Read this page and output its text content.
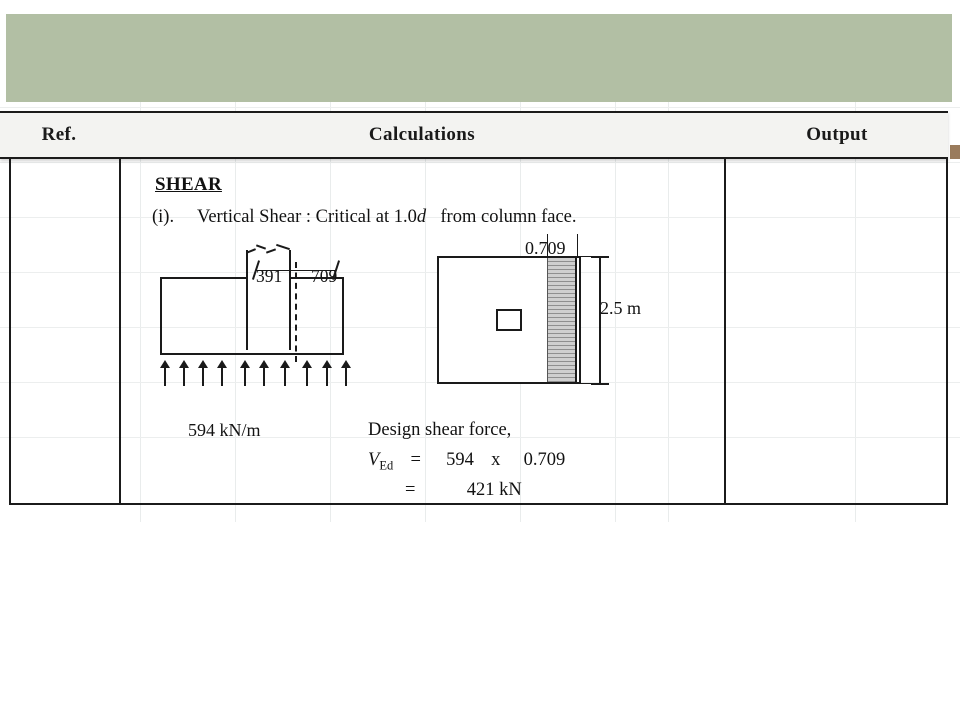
Ref.	Calculations	Output
SHEAR
(i). Vertical Shear : Critical at 1.0d from column face.
391 709
594 kN/m
0.709
2.5 m
Design shear force,
$V_{Ed} = 594$ x 0.709
=	421 kN
